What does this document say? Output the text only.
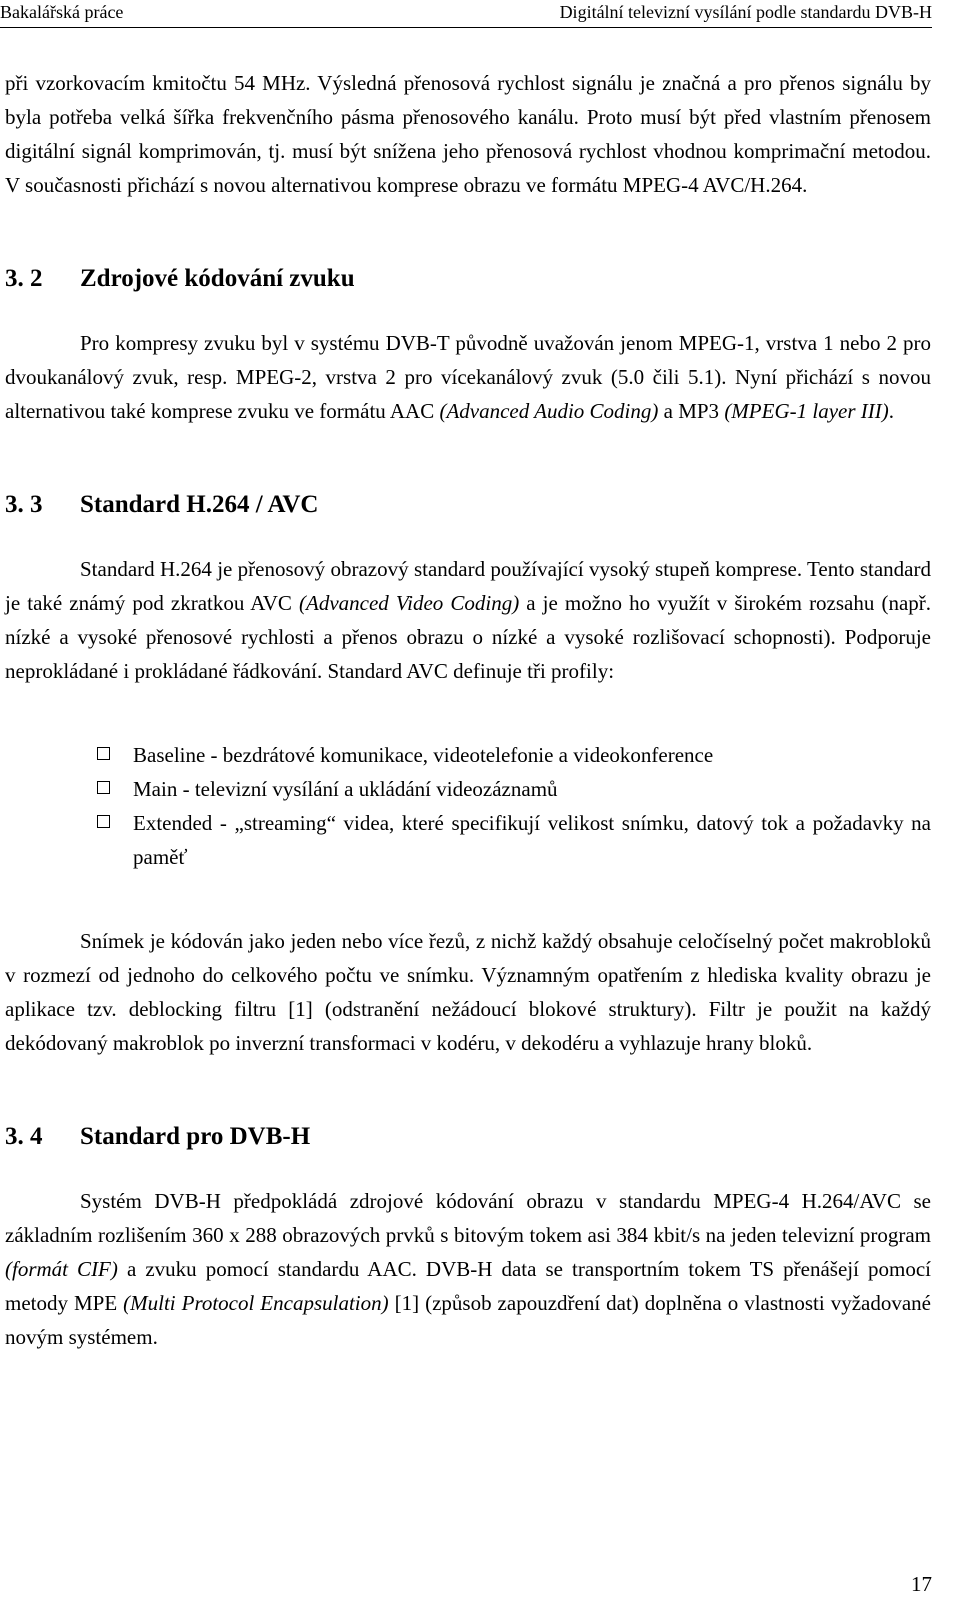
Bakalářská práce	Digitální televizní vysílání podle standardu DVB-H

při vzorkovacím kmitočtu 54 MHz. Výsledná přenosová rychlost signálu je značná a pro přenos signálu by byla potřeba velká šířka frekvenčního pásma přenosového kanálu. Proto musí být před vlastním přenosem digitální signál komprimován, tj. musí být snížena jeho přenosová rychlost vhodnou komprimační metodou. V současnosti přichází s novou alternativou komprese obrazu ve formátu MPEG-4 AVC/H.264.

3. 2 Zdrojové kódování zvuku

Pro kompresy zvuku byl v systému DVB-T původně uvažován jenom MPEG-1, vrstva 1 nebo 2 pro dvoukanálový zvuk, resp. MPEG-2, vrstva 2 pro vícekanálový zvuk (5.0 čili 5.1). Nyní přichází s novou alternativou také komprese zvuku ve formátu AAC (Advanced Audio Coding) a MP3 (MPEG-1 layer III).

3. 3 Standard H.264 / AVC

Standard H.264 je přenosový obrazový standard používající vysoký stupeň komprese. Tento standard je také známý pod zkratkou AVC (Advanced Video Coding) a je možno ho využít v širokém rozsahu (např. nízké a vysoké přenosové rychlosti a přenos obrazu o nízké a vysoké rozlišovací schopnosti). Podporuje neprokládané i prokládané řádkování. Standard AVC definuje tři profily:

Baseline - bezdrátové komunikace, videotelefonie a videokonference
Main - televizní vysílání a ukládání videozáznamů
Extended - „streaming“ videa, které specifikují velikost snímku, datový tok a požadavky na paměť

Snímek je kódován jako jeden nebo více řezů, z nichž každý obsahuje celočíselný počet makrobloků v rozmezí od jednoho do celkového počtu ve snímku. Významným opatřením z hlediska kvality obrazu je aplikace tzv. deblocking filtru [1] (odstranění nežádoucí blokové struktury). Filtr je použit na každý dekódovaný makroblok po inverzní transformaci v kodéru, v dekodéru a vyhlazuje hrany bloků.

3. 4 Standard pro DVB-H

Systém DVB-H předpokládá zdrojové kódování obrazu v standardu MPEG-4 H.264/AVC se základním rozlišením 360 x 288 obrazových prvků s bitovým tokem asi 384 kbit/s na jeden televizní program (formát CIF) a zvuku pomocí standardu AAC. DVB-H data se transportním tokem TS přenášejí pomocí metody MPE (Multi Protocol Encapsulation) [1] (způsob zapouzdření dat) doplněna o vlastnosti vyžadované novým systémem.

17
